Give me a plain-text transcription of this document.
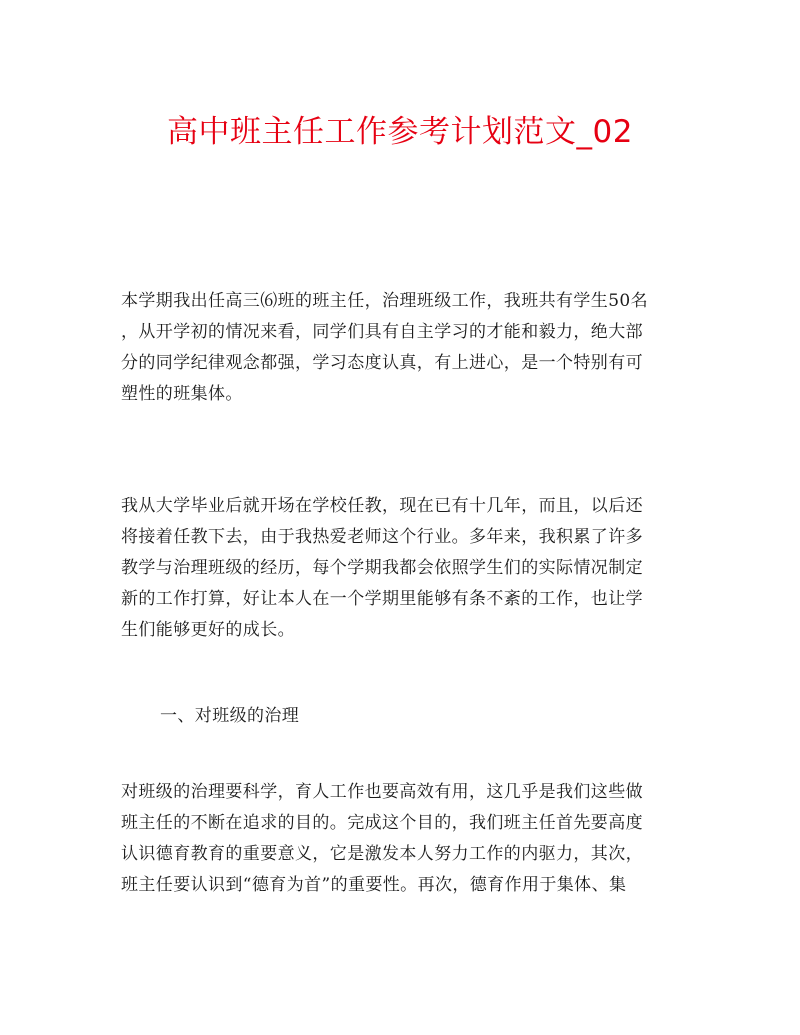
高中班主任工作参考计划范文_02
本学期我出任高三⑹班的班主任，治理班级工作，我班共有学生50名
，从开学初的情况来看，同学们具有自主学习的才能和毅力，绝大部
分的同学纪律观念都强，学习态度认真，有上进心，是一个特别有可
塑性的班集体。
我从大学毕业后就开场在学校任教，现在已有十几年，而且，以后还
将接着任教下去，由于我热爱老师这个行业。多年来，我积累了许多
教学与治理班级的经历，每个学期我都会依照学生们的实际情况制定
新的工作打算，好让本人在一个学期里能够有条不紊的工作，也让学
生们能够更好的成长。
一、对班级的治理
对班级的治理要科学，育人工作也要高效有用，这几乎是我们这些做
班主任的不断在追求的目的。完成这个目的，我们班主任首先要高度
认识德育教育的重要意义，它是激发本人努力工作的内驱力，其次，
班主任要认识到“德育为首”的重要性。再次，德育作用于集体、集
